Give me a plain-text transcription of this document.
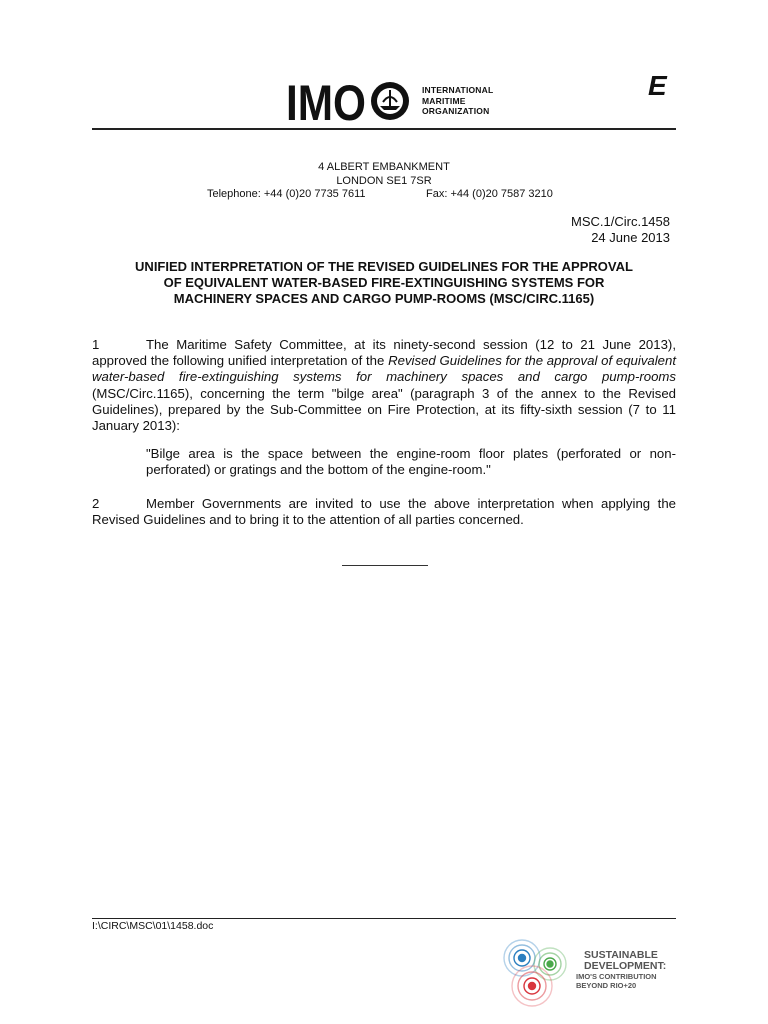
IMO	INTERNATIONAL
MARITIME
ORGANIZATION
E
4 ALBERT EMBANKMENT
LONDON SE1 7SR
Telephone: +44 (0)20 7735 7611	Fax: +44 (0)20 7587 3210
MSC.1/Circ.1458
24 June 2013
UNIFIED INTERPRETATION OF THE REVISED GUIDELINES FOR THE APPROVAL
OF EQUIVALENT WATER-BASED FIRE-EXTINGUISHING SYSTEMS FOR
MACHINERY SPACES AND CARGO PUMP-ROOMS (MSC/CIRC.1165)

1	The Maritime Safety Committee, at its ninety-second session (12 to 21 June 2013), approved the following unified interpretation of the Revised Guidelines for the approval of equivalent water-based fire-extinguishing systems for machinery spaces and cargo pump-rooms (MSC/Circ.1165), concerning the term "bilge area" (paragraph 3 of the annex to the Revised Guidelines), prepared by the Sub-Committee on Fire Protection, at its fifty-sixth session (7 to 11 January 2013):

"Bilge area is the space between the engine-room floor plates (perforated or non-perforated) or gratings and the bottom of the engine-room."

2	Member Governments are invited to use the above interpretation when applying the Revised Guidelines and to bring it to the attention of all parties concerned.

I:\CIRC\MSC\01\1458.doc
SUSTAINABLE
DEVELOPMENT:
IMO'S CONTRIBUTION
BEYOND RIO+20
